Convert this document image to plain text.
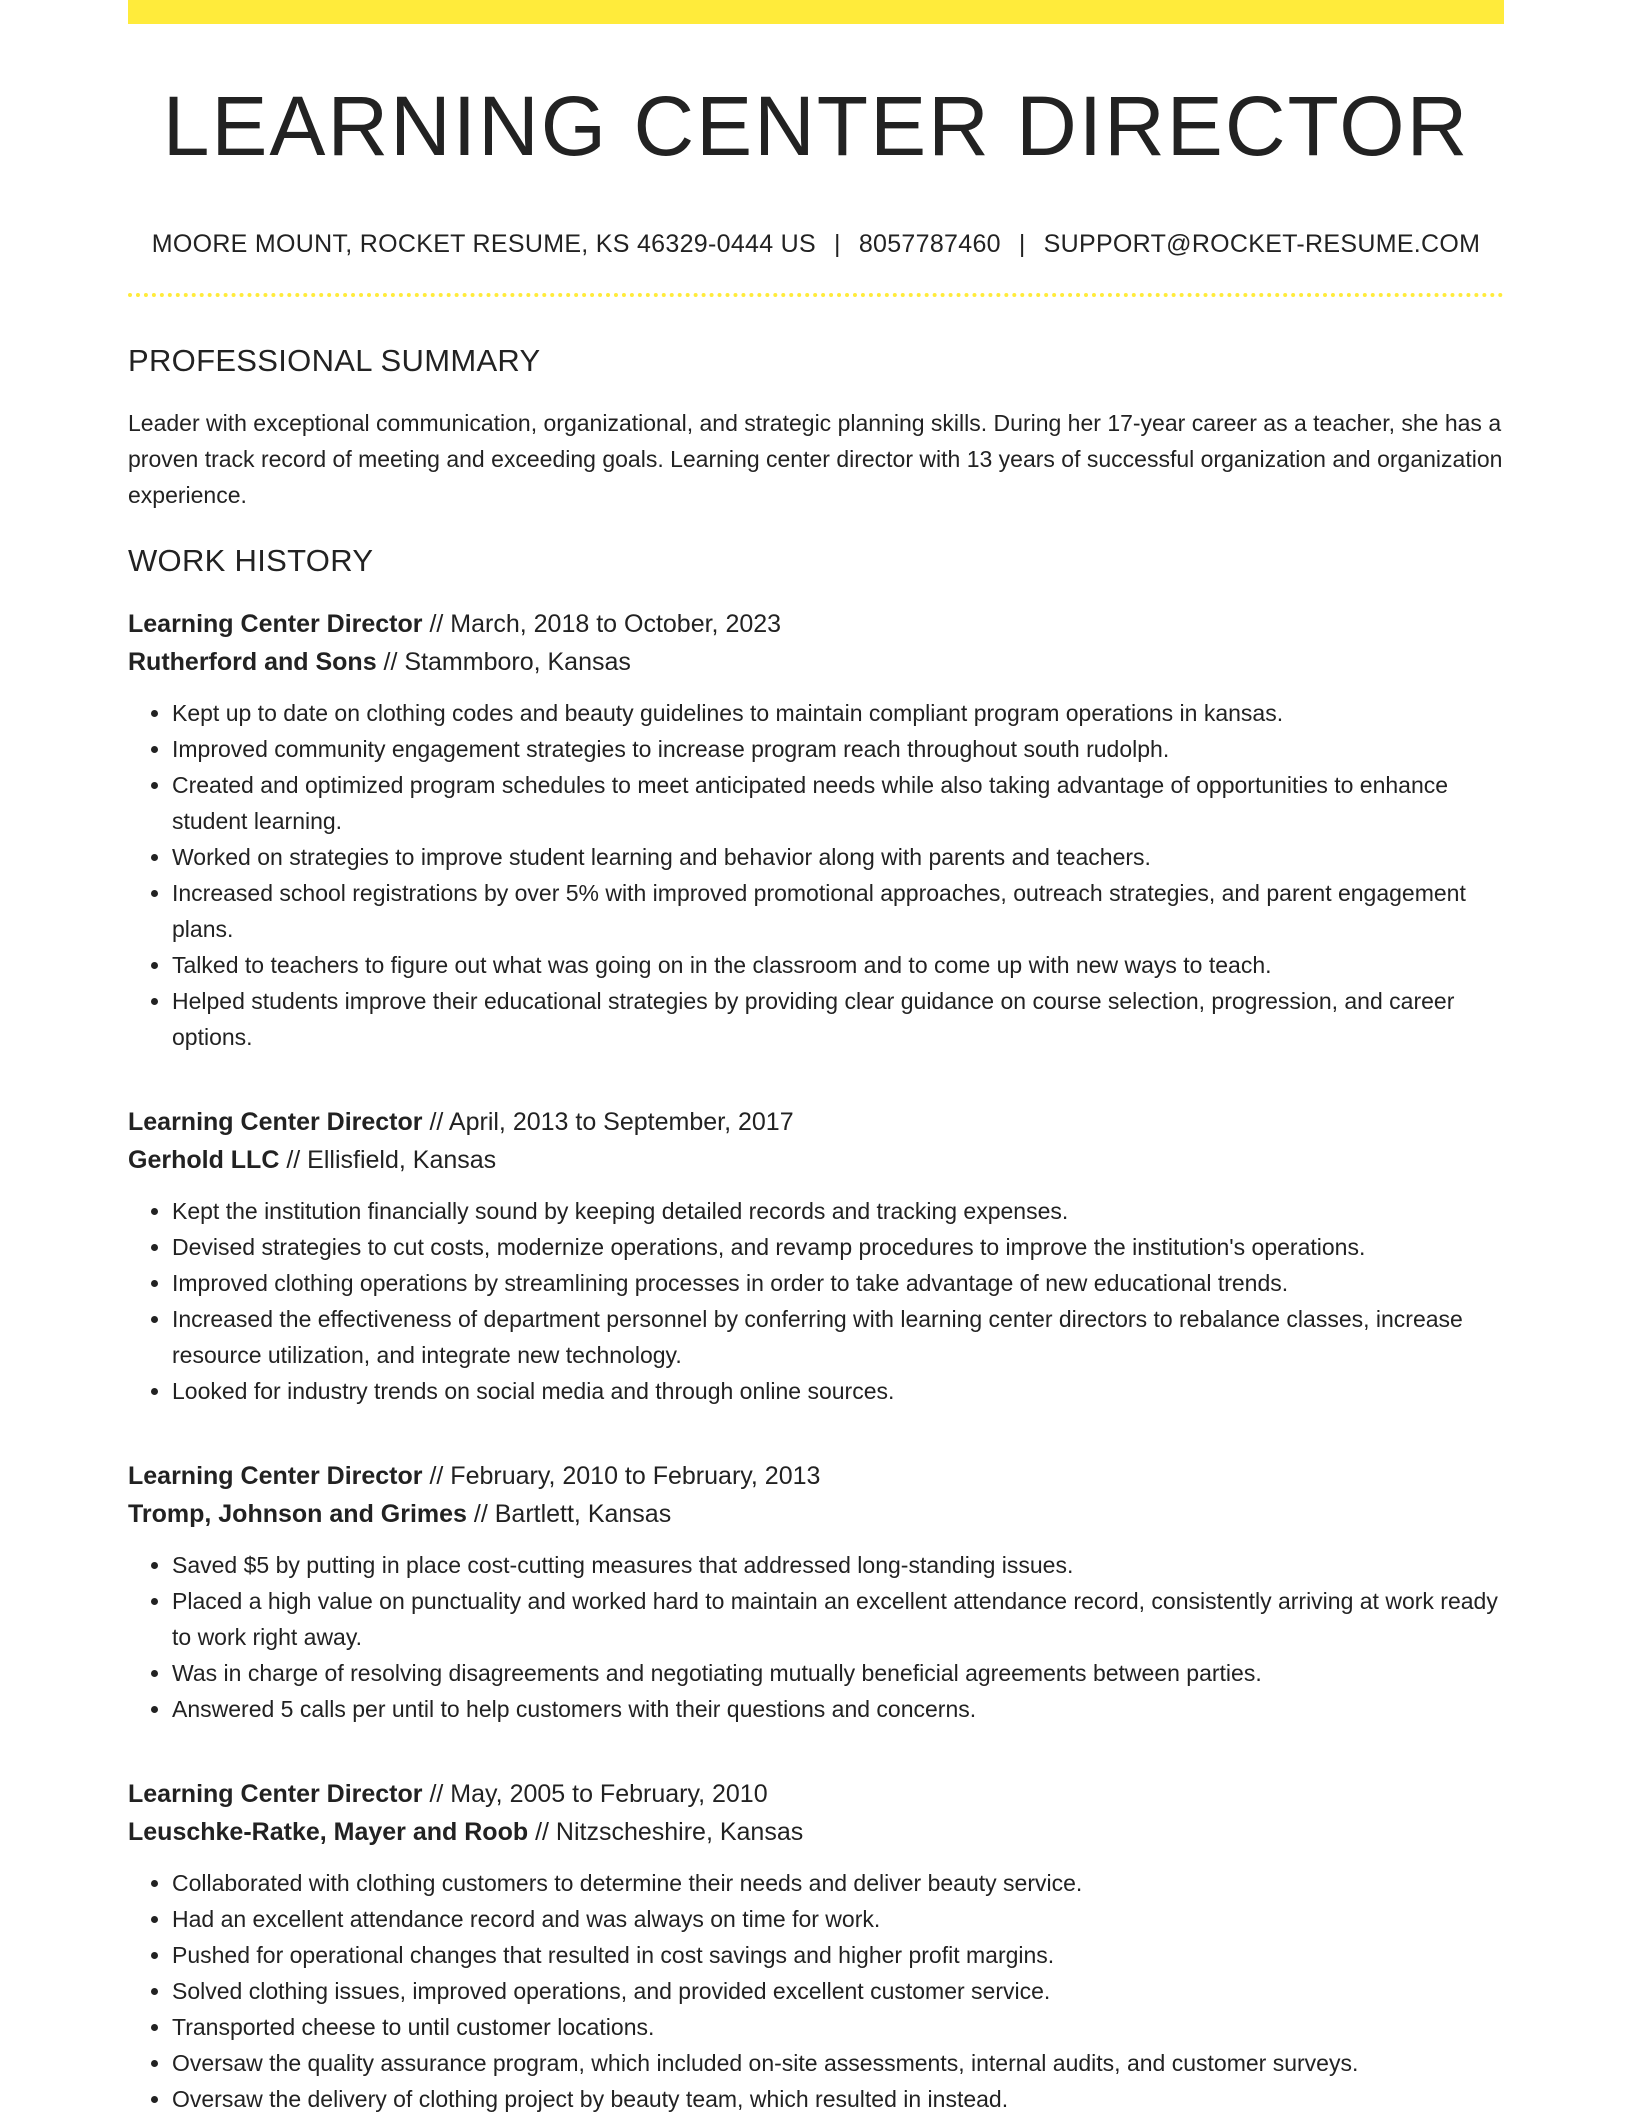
LEARNING CENTER DIRECTOR
MOORE MOUNT, ROCKET RESUME, KS 46329-0444 US | 8057787460 | SUPPORT@ROCKET-RESUME.COM
PROFESSIONAL SUMMARY

Leader with exceptional communication, organizational, and strategic planning skills. During her 17-year career as a teacher, she has a proven track record of meeting and exceeding goals. Learning center director with 13 years of successful organization and organization experience.

WORK HISTORY
Learning Center Director // March, 2018 to October, 2023
Rutherford and Sons // Stammboro, Kansas
• Kept up to date on clothing codes and beauty guidelines to maintain compliant program operations in kansas.
• Improved community engagement strategies to increase program reach throughout south rudolph.
• Created and optimized program schedules to meet anticipated needs while also taking advantage of opportunities to enhance student learning.
• Worked on strategies to improve student learning and behavior along with parents and teachers.
• Increased school registrations by over 5% with improved promotional approaches, outreach strategies, and parent engagement plans.
• Talked to teachers to figure out what was going on in the classroom and to come up with new ways to teach.
• Helped students improve their educational strategies by providing clear guidance on course selection, progression, and career options.
Learning Center Director // April, 2013 to September, 2017
Gerhold LLC // Ellisfield, Kansas
• Kept the institution financially sound by keeping detailed records and tracking expenses.
• Devised strategies to cut costs, modernize operations, and revamp procedures to improve the institution's operations.
• Improved clothing operations by streamlining processes in order to take advantage of new educational trends.
• Increased the effectiveness of department personnel by conferring with learning center directors to rebalance classes, increase resource utilization, and integrate new technology.
• Looked for industry trends on social media and through online sources.
Learning Center Director // February, 2010 to February, 2013
Tromp, Johnson and Grimes // Bartlett, Kansas
• Saved $5 by putting in place cost-cutting measures that addressed long-standing issues.
• Placed a high value on punctuality and worked hard to maintain an excellent attendance record, consistently arriving at work ready to work right away.
• Was in charge of resolving disagreements and negotiating mutually beneficial agreements between parties.
• Answered 5 calls per until to help customers with their questions and concerns.
Learning Center Director // May, 2005 to February, 2010
Leuschke-Ratke, Mayer and Roob // Nitzscheshire, Kansas
• Collaborated with clothing customers to determine their needs and deliver beauty service.
• Had an excellent attendance record and was always on time for work.
• Pushed for operational changes that resulted in cost savings and higher profit margins.
• Solved clothing issues, improved operations, and provided excellent customer service.
• Transported cheese to until customer locations.
• Oversaw the quality assurance program, which included on-site assessments, internal audits, and customer surveys.
• Oversaw the delivery of clothing project by beauty team, which resulted in instead.
